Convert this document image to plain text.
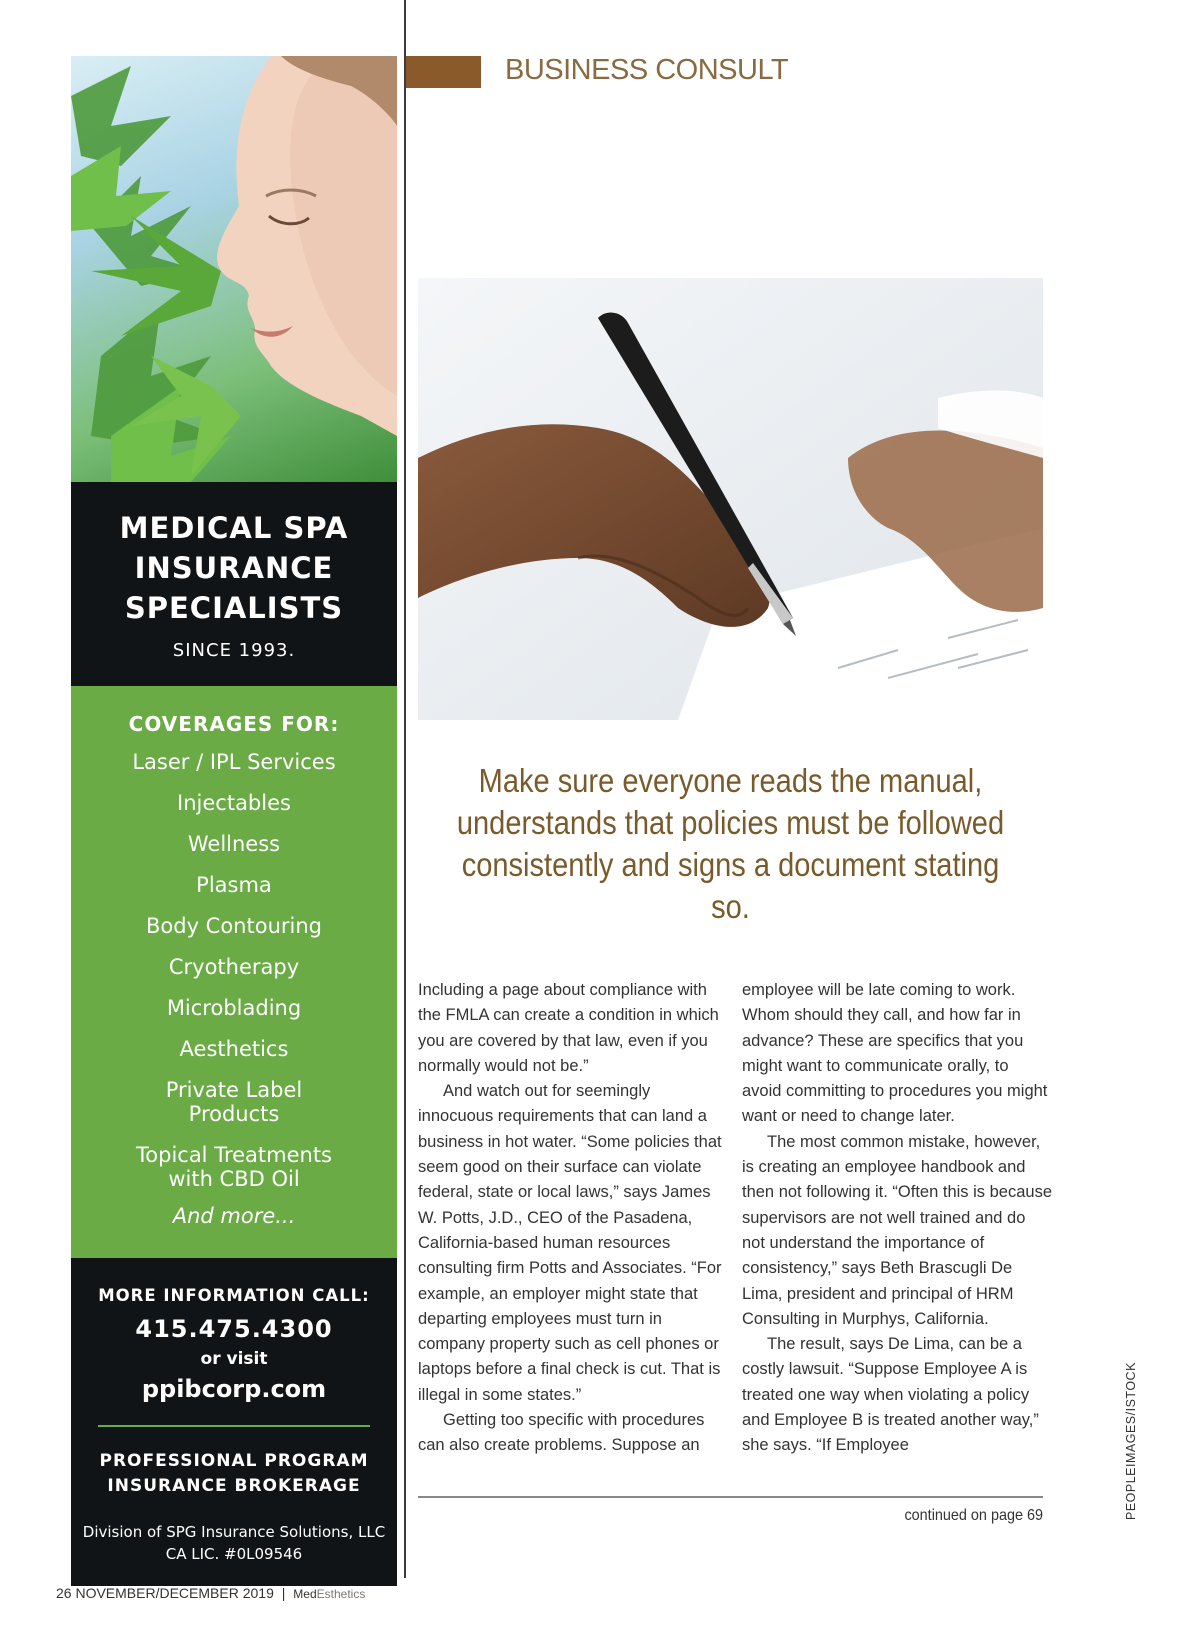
MEDICAL SPA
INSURANCE
SPECIALISTS
SINCE 1993.
COVERAGES FOR:
Laser / IPL Services
Injectables
Wellness
Plasma
Body Contouring
Cryotherapy
Microblading
Aesthetics
Private Label Products
Topical Treatments with CBD Oil
And more...
MORE INFORMATION CALL:
415.475.4300
or visit
ppibcorp.com
PROFESSIONAL PROGRAM
INSURANCE BROKERAGE
Division of SPG Insurance Solutions, LLC
CA LIC. #0L09546
BUSINESS CONSULT
Make sure everyone reads the manual, understands that policies must be followed consistently and signs a document stating so.

Including a page about compliance with the FMLA can create a condition in which you are covered by that law, even if you normally would not be.”

And watch out for seemingly innocuous requirements that can land a business in hot water. “Some policies that seem good on their surface can violate federal, state or local laws,” says James W. Potts, J.D., CEO of the Pasadena, California-based human resources consulting firm Potts and Associates. “For example, an employer might state that departing employees must turn in company property such as cell phones or laptops before a final check is cut. That is illegal in some states.”

Getting too specific with procedures can also create problems. Suppose an

employee will be late coming to work. Whom should they call, and how far in advance? These are specifics that you might want to communicate orally, to avoid committing to procedures you might want or need to change later.

The most common mistake, however, is creating an employee handbook and then not following it. “Often this is because supervisors are not well trained and do not understand the importance of consistency,” says Beth Brascugli De Lima, president and principal of HRM Consulting in Murphys, California.

The result, says De Lima, can be a costly lawsuit. “Suppose Employee A is treated one way when violating a policy and Employee B is treated another way,” she says. “If Employee

continued on page 69	PEOPLEIMAGES/ISTOCK
26 NOVEMBER/DECEMBER 2019 | MedEsthetics
